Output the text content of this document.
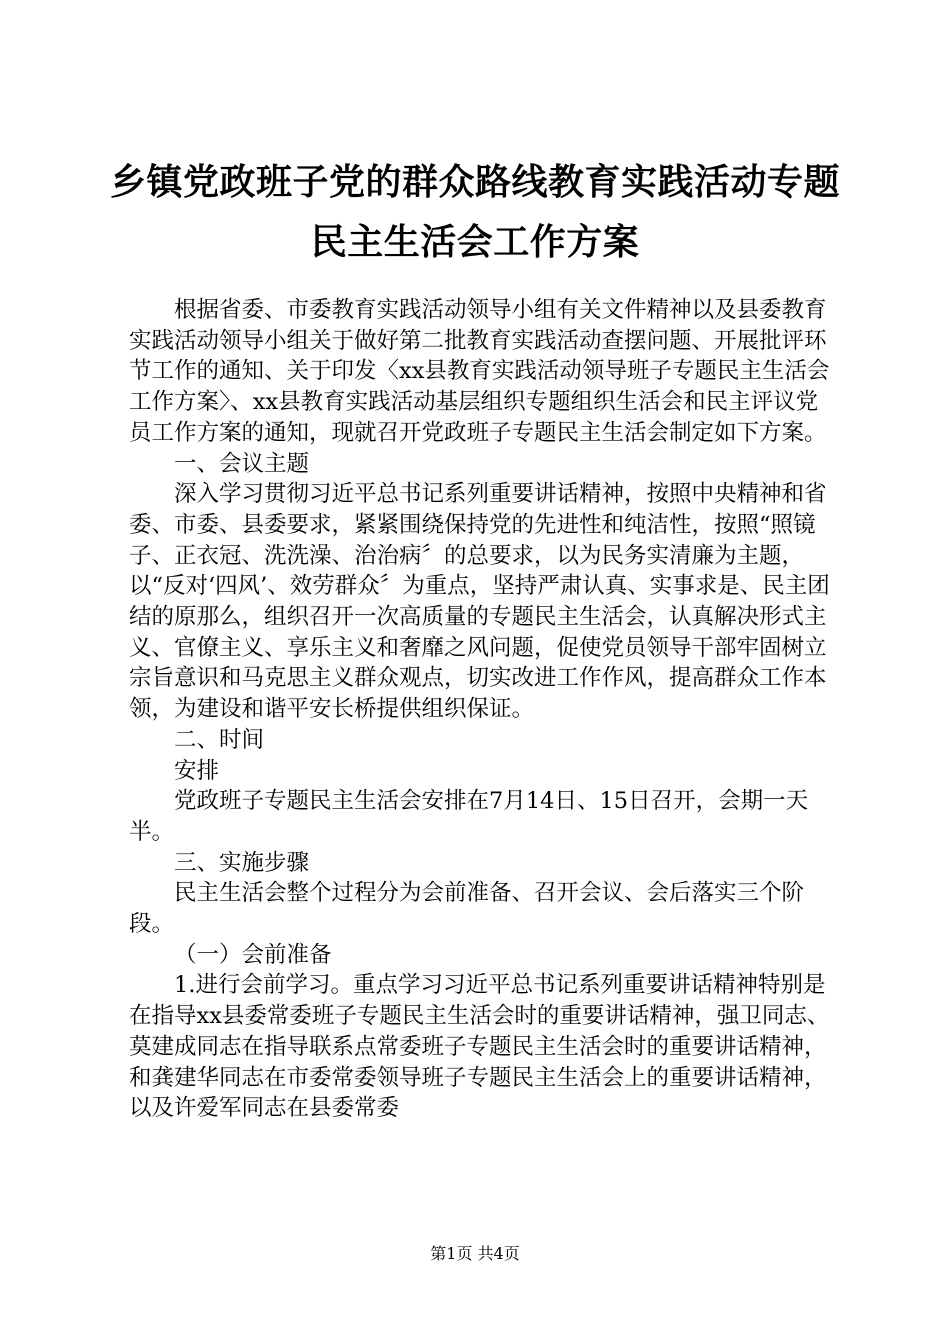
乡镇党政班子党的群众路线教育实践活动专题
民主生活会工作方案

根据省委、市委教育实践活动领导小组有关文件精神以及县委教育实践活动领导小组关于做好第二批教育实践活动查摆问题、开展批评环节工作的通知、关于印发〈xx县教育实践活动领导班子专题民主生活会工作方案〉、xx县教育实践活动基层组织专题组织生活会和民主评议党员工作方案的通知，现就召开党政班子专题民主生活会制定如下方案。

一、会议主题

深入学习贯彻习近平总书记系列重要讲话精神，按照中央精神和省委、市委、县委要求，紧紧围绕保持党的先进性和纯洁性，按照“照镜子、正衣冠、洗洗澡、治治病〞的总要求，以为民务实清廉为主题，以“反对‘四风’、效劳群众〞为重点，坚持严肃认真、实事求是、民主团结的原那么，组织召开一次高质量的专题民主生活会，认真解决形式主义、官僚主义、享乐主义和奢靡之风问题，促使党员领导干部牢固树立宗旨意识和马克思主义群众观点，切实改进工作作风，提高群众工作本领，为建设和谐平安长桥提供组织保证。

二、时间

安排

党政班子专题民主生活会安排在7月14日、15日召开，会期一天半。

三、实施步骤

民主生活会整个过程分为会前准备、召开会议、会后落实三个阶段。

（一）会前准备

1.进行会前学习。重点学习习近平总书记系列重要讲话精神特别是在指导xx县委常委班子专题民主生活会时的重要讲话精神，强卫同志、莫建成同志在指导联系点常委班子专题民主生活会时的重要讲话精神，和龚建华同志在市委常委领导班子专题民主生活会上的重要讲话精神，以及许爱军同志在县委常委

第1页 共4页
